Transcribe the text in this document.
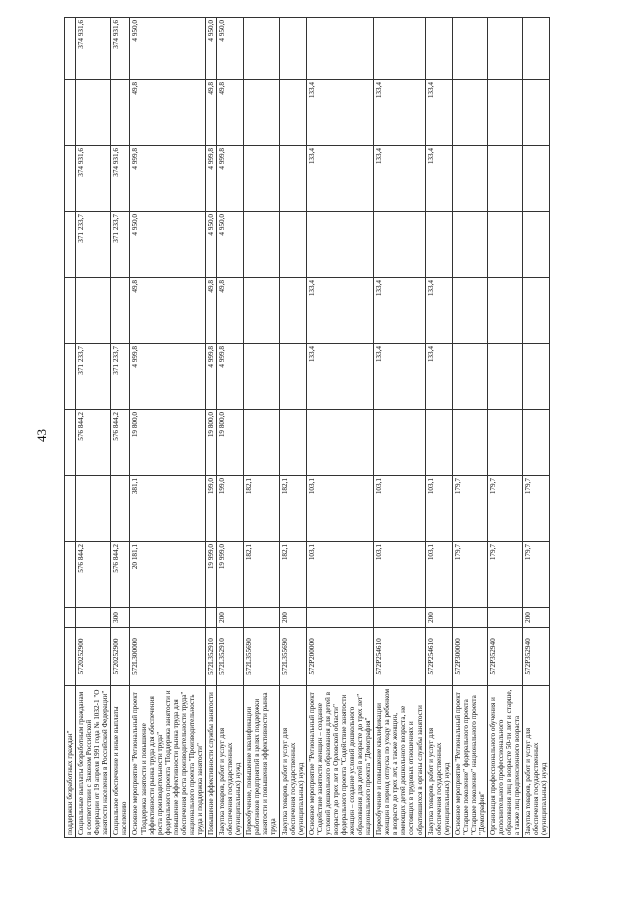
43
поддержки безработных граждан"											
Социальные выплаты безработным гражданам в соответствии с Законом Российской Федерации от 19 апреля 1991 года № 1032-1 "О занятости населения в Российской Федерации"	5720252900		576 844,2		576 844,2	371 233,7		371 233,7	374 931,6		374 931,6
Социальное обеспечение и иные выплаты населению	5720252900	300	576 844,2		576 844,2	371 233,7		371 233,7	374 931,6		374 931,6
Основное мероприятие "Региональный проект "Поддержка занятости и повышение эффективности рынка труда для обеспечения роста производительности труда" федерального проекта "Поддержка занятости и повышение эффективности рынка труда для обеспечения роста производительности труда" национального проекта "Производительность труда и поддержка занятости"	572L300000		20 181,1	381,1	19 800,0	4 999,8	49,8	4 950,0	4 999,8	49,8	4 950,0
Повышение эффективности службы занятости	572L352910		19 999,0	199,0	19 800,0	4 999,8	49,8	4 950,0	4 999,8	49,8	4 950,0
Закупка товаров, работ и услуг для обеспечения государственных (муниципальных) нужд	572L352910	200	19 999,0	199,0	19 800,0	4 999,8	49,8	4 950,0	4 999,8	49,8	4 950,0
Переобучение, повышение квалификации работников предприятий в целях поддержки занятости и повышения эффективности рынка труда	572L355690		182,1	182,1							
Закупка товаров, работ и услуг для обеспечения государственных (муниципальных) нужд	572L355690	200	182,1	182,1							
Основное мероприятие "Региональный проект "Содействие занятости женщин – создание условий дошкольного образования для детей в возрасте до трех лет в Орловской области" федерального проекта "Содействие занятости женщин – создание условий дошкольного образования для детей в возрасте до трех лет" национального проекта "Демография"	572P200000		103,1	103,1		133,4	133,4		133,4	133,4	
Переобучение и повышение квалификации женщин в период отпуска по уходу за ребенком в возрасте до трех лет, а также женщин, имеющих детей дошкольного возраста, не состоящих в трудовых отношениях и обратившихся в органы службы занятости	572P254610		103,1	103,1		133,4	133,4		133,4	133,4	
Закупка товаров, работ и услуг для обеспечения государственных (муниципальных) нужд	572P254610	200	103,1	103,1		133,4	133,4		133,4	133,4	
Основное мероприятие "Региональный проект "Старшее поколение" федерального проекта "Старшее поколение" национального проекта "Демография"	572P300000		179,7	179,7							
Организация профессионального обучения и дополнительного профессионального образования лиц в возрасте 50-ти лет и старше, а также лиц предпенсионного возраста	572P352940		179,7	179,7							
Закупка товаров, работ и услуг для обеспечения государственных (муниципальных) нужд	572P352940	200	179,7	179,7							
